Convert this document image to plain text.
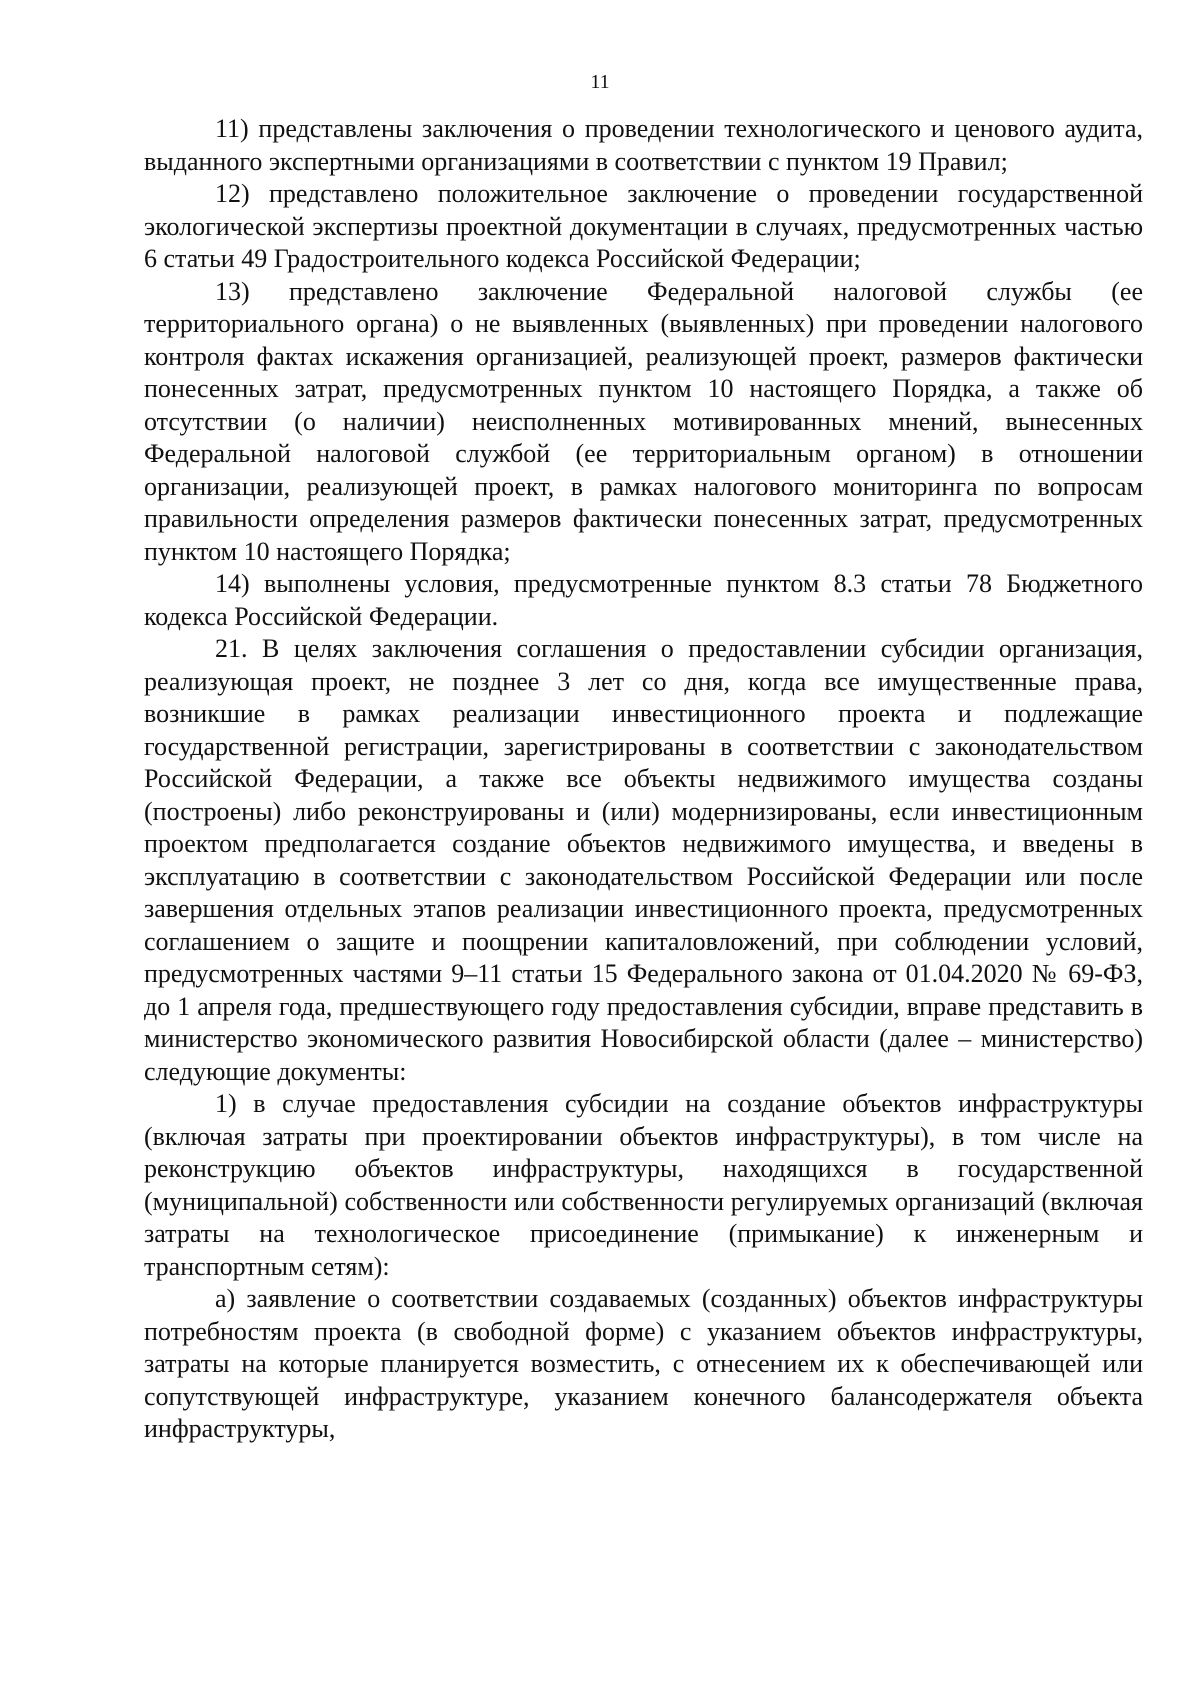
11

11) представлены заключения о проведении технологического и ценового аудита, выданного экспертными организациями в соответствии с пунктом 19 Правил;

12) представлено положительное заключение о проведении государственной экологической экспертизы проектной документации в случаях, предусмотренных частью 6 статьи 49 Градостроительного кодекса Российской Федерации;

13) представлено заключение Федеральной налоговой службы (ее территориального органа) о не выявленных (выявленных) при проведении налогового контроля фактах искажения организацией, реализующей проект, размеров фактически понесенных затрат, предусмотренных пунктом 10 настоящего Порядка, а также об отсутствии (о наличии) неисполненных мотивированных мнений, вынесенных Федеральной налоговой службой (ее территориальным органом) в отношении организации, реализующей проект, в рамках налогового мониторинга по вопросам правильности определения размеров фактически понесенных затрат, предусмотренных пунктом 10 настоящего Порядка;

14) выполнены условия, предусмотренные пунктом 8.3 статьи 78 Бюджетного кодекса Российской Федерации.

21. В целях заключения соглашения о предоставлении субсидии организация, реализующая проект, не позднее 3 лет со дня, когда все имущественные права, возникшие в рамках реализации инвестиционного проекта и подлежащие государственной регистрации, зарегистрированы в соответствии с законодательством Российской Федерации, а также все объекты недвижимого имущества созданы (построены) либо реконструированы и (или) модернизированы, если инвестиционным проектом предполагается создание объектов недвижимого имущества, и введены в эксплуатацию в соответствии с законодательством Российской Федерации или после завершения отдельных этапов реализации инвестиционного проекта, предусмотренных соглашением о защите и поощрении капиталовложений, при соблюдении условий, предусмотренных частями 9–11 статьи 15 Федерального закона от 01.04.2020 № 69-ФЗ, до 1 апреля года, предшествующего году предоставления субсидии, вправе представить в министерство экономического развития Новосибирской области (далее – министерство) следующие документы:

1) в случае предоставления субсидии на создание объектов инфраструктуры (включая затраты при проектировании объектов инфраструктуры), в том числе на реконструкцию объектов инфраструктуры, находящихся в государственной (муниципальной) собственности или собственности регулируемых организаций (включая затраты на технологическое присоединение (примыкание) к инженерным и транспортным сетям):

а) заявление о соответствии создаваемых (созданных) объектов инфраструктуры потребностям проекта (в свободной форме) с указанием объектов инфраструктуры, затраты на которые планируется возместить, с отнесением их к обеспечивающей или сопутствующей инфраструктуре, указанием конечного балансодержателя объекта инфраструктуры,
